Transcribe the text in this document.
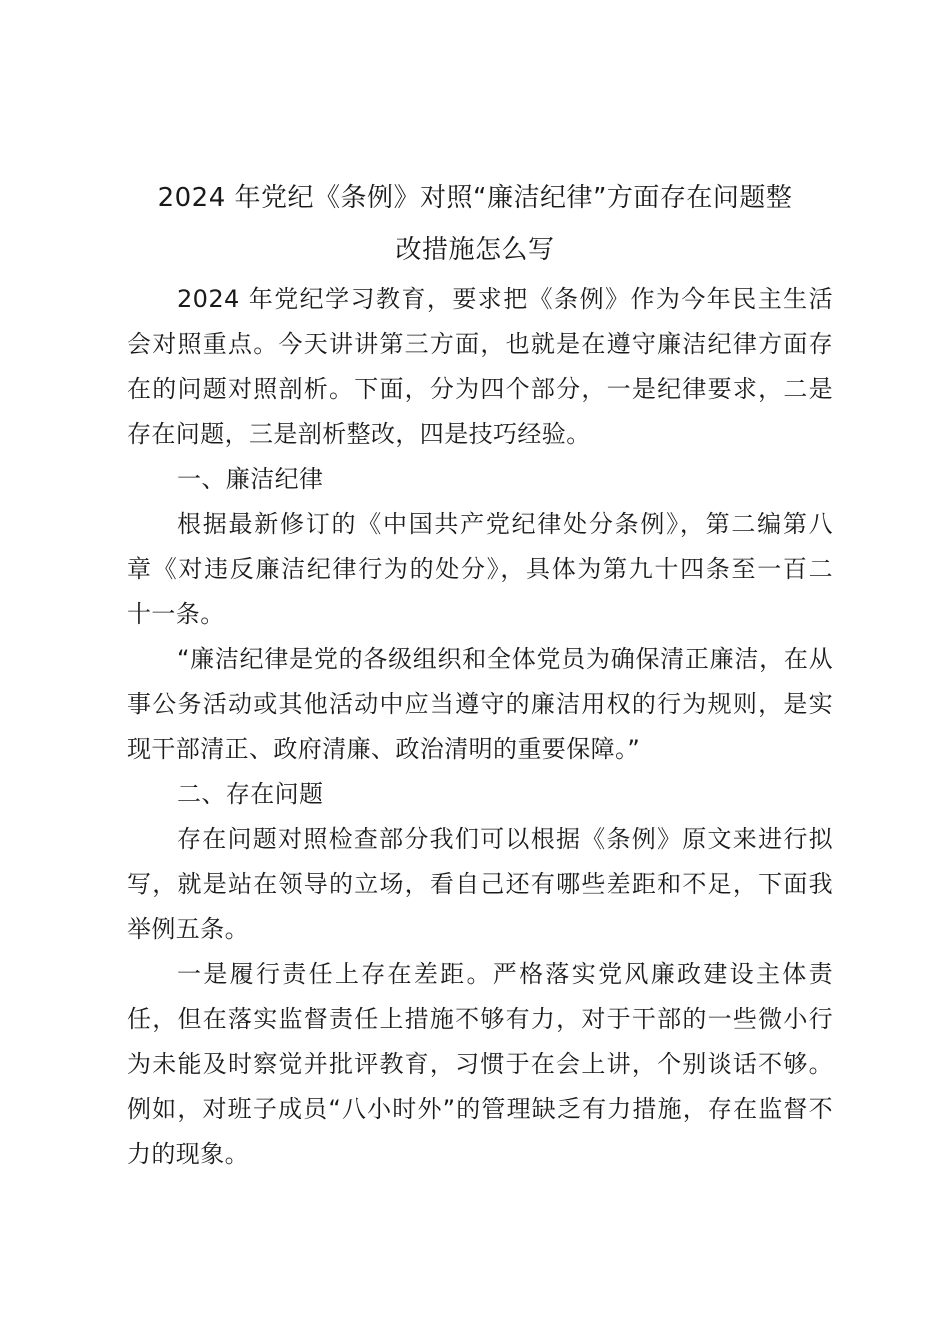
2024 年党纪《条例》对照“廉洁纪律”方面存在问题整
改措施怎么写
2024 年党纪学习教育，要求把《条例》作为今年民主生活
会对照重点。今天讲讲第三方面，也就是在遵守廉洁纪律方面存
在的问题对照剖析。下面，分为四个部分，一是纪律要求，二是
存在问题，三是剖析整改，四是技巧经验。
一、廉洁纪律
根据最新修订的《中国共产党纪律处分条例》，第二编第八
章《对违反廉洁纪律行为的处分》，具体为第九十四条至一百二
十一条。
“廉洁纪律是党的各级组织和全体党员为确保清正廉洁，在从
事公务活动或其他活动中应当遵守的廉洁用权的行为规则，是实
现干部清正、政府清廉、政治清明的重要保障。”
二、存在问题
存在问题对照检查部分我们可以根据《条例》原文来进行拟
写，就是站在领导的立场，看自己还有哪些差距和不足，下面我
举例五条。
一是履行责任上存在差距。严格落实党风廉政建设主体责
任，但在落实监督责任上措施不够有力，对于干部的一些微小行
为未能及时察觉并批评教育，习惯于在会上讲，个别谈话不够。
例如，对班子成员“八小时外”的管理缺乏有力措施，存在监督不
力的现象。
